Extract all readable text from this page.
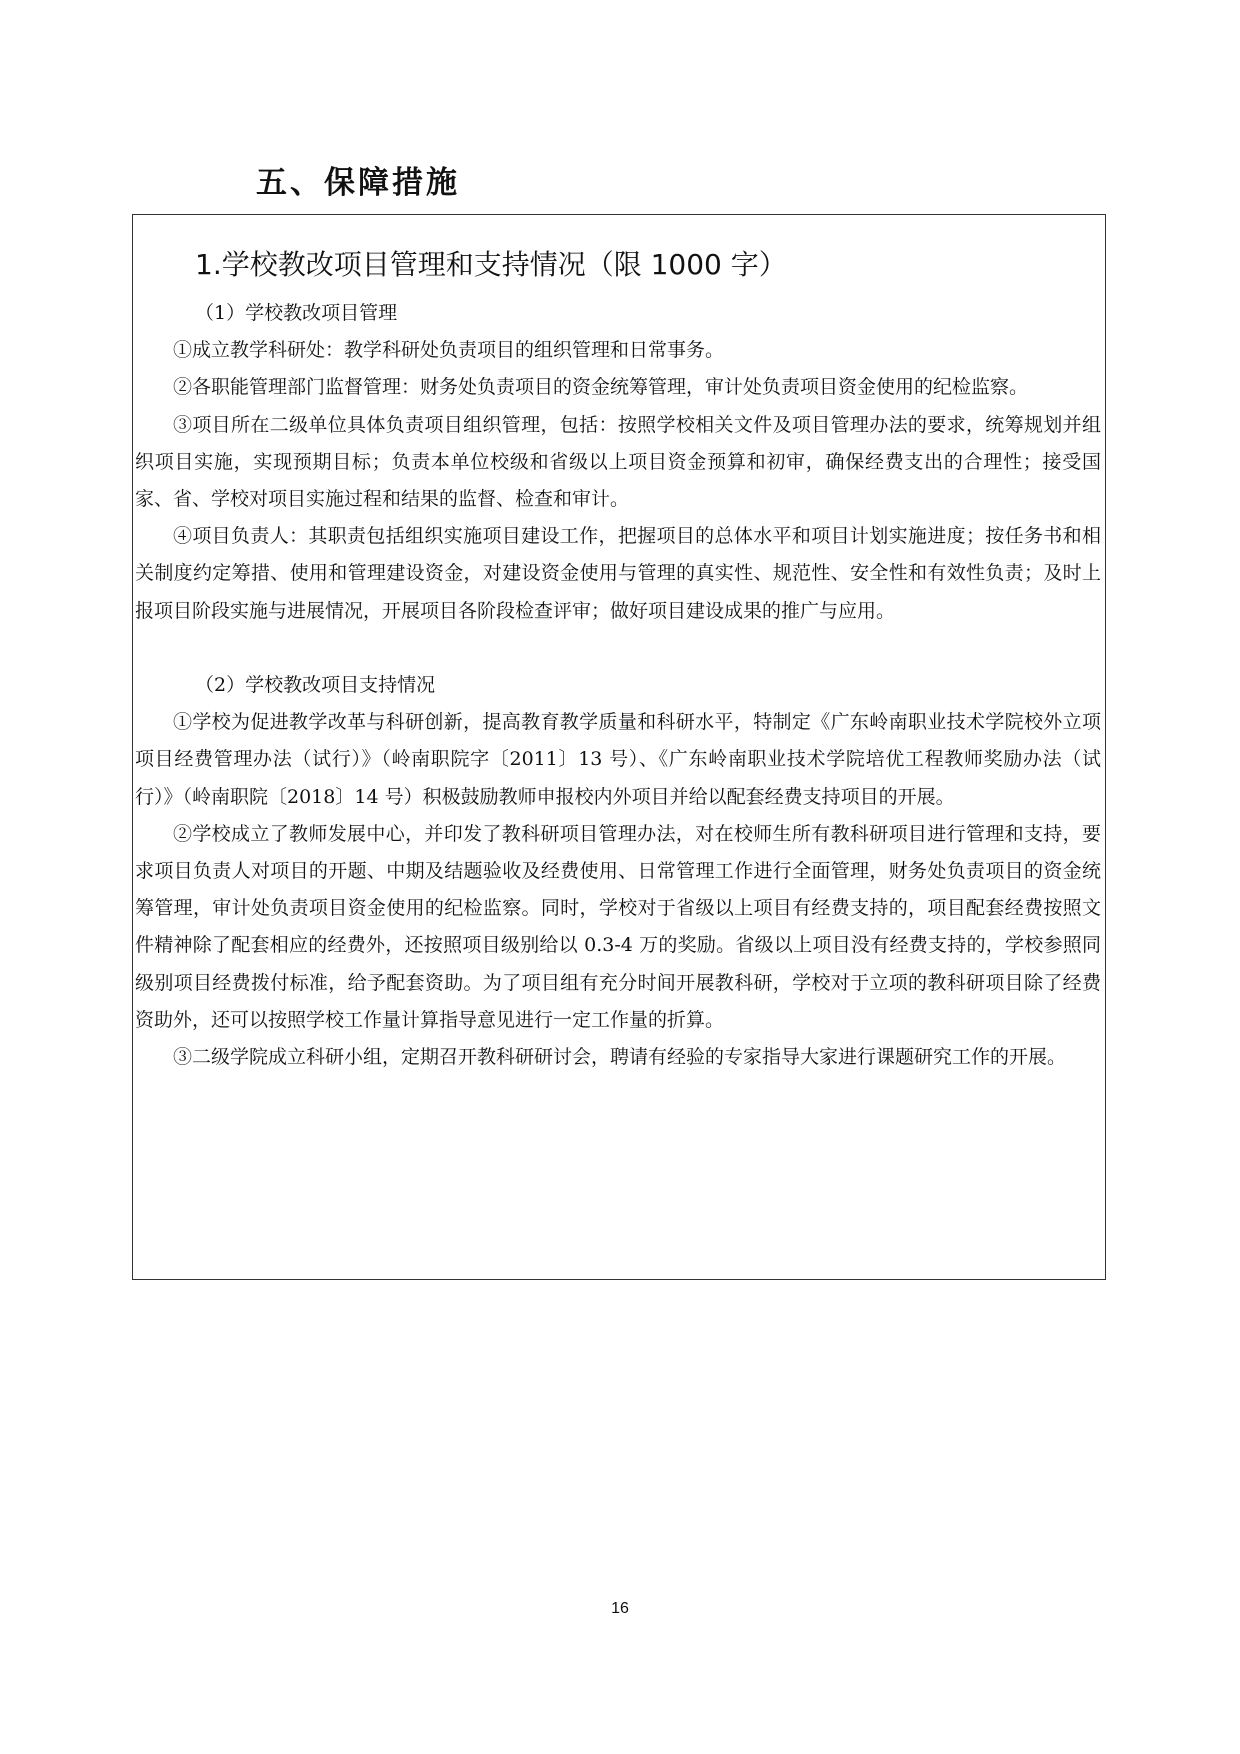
五、保障措施
1.学校教改项目管理和支持情况（限 1000 字）

（1）学校教改项目管理

①成立教学科研处：教学科研处负责项目的组织管理和日常事务。

②各职能管理部门监督管理：财务处负责项目的资金统筹管理，审计处负责项目资金使用的纪检监察。

③项目所在二级单位具体负责项目组织管理，包括：按照学校相关文件及项目管理办法的要求，统筹规划并组织项目实施，实现预期目标；负责本单位校级和省级以上项目资金预算和初审，确保经费支出的合理性；接受国家、省、学校对项目实施过程和结果的监督、检查和审计。

④项目负责人：其职责包括组织实施项目建设工作，把握项目的总体水平和项目计划实施进度；按任务书和相关制度约定筹措、使用和管理建设资金，对建设资金使用与管理的真实性、规范性、安全性和有效性负责；及时上报项目阶段实施与进展情况，开展项目各阶段检查评审；做好项目建设成果的推广与应用。

（2）学校教改项目支持情况

①学校为促进教学改革与科研创新，提高教育教学质量和科研水平，特制定《广东岭南职业技术学院校外立项项目经费管理办法（试行）》（岭南职院字〔2011〕13 号）、《广东岭南职业技术学院培优工程教师奖励办法（试行）》（岭南职院〔2018〕14 号）积极鼓励教师申报校内外项目并给以配套经费支持项目的开展。

②学校成立了教师发展中心，并印发了教科研项目管理办法，对在校师生所有教科研项目进行管理和支持，要求项目负责人对项目的开题、中期及结题验收及经费使用、日常管理工作进行全面管理，财务处负责项目的资金统筹管理，审计处负责项目资金使用的纪检监察。同时，学校对于省级以上项目有经费支持的，项目配套经费按照文件精神除了配套相应的经费外，还按照项目级别给以 0.3-4 万的奖励。省级以上项目没有经费支持的，学校参照同级别项目经费拨付标准，给予配套资助。为了项目组有充分时间开展教科研，学校对于立项的教科研项目除了经费资助外，还可以按照学校工作量计算指导意见进行一定工作量的折算。

③二级学院成立科研小组，定期召开教科研研讨会，聘请有经验的专家指导大家进行课题研究工作的开展。

16
